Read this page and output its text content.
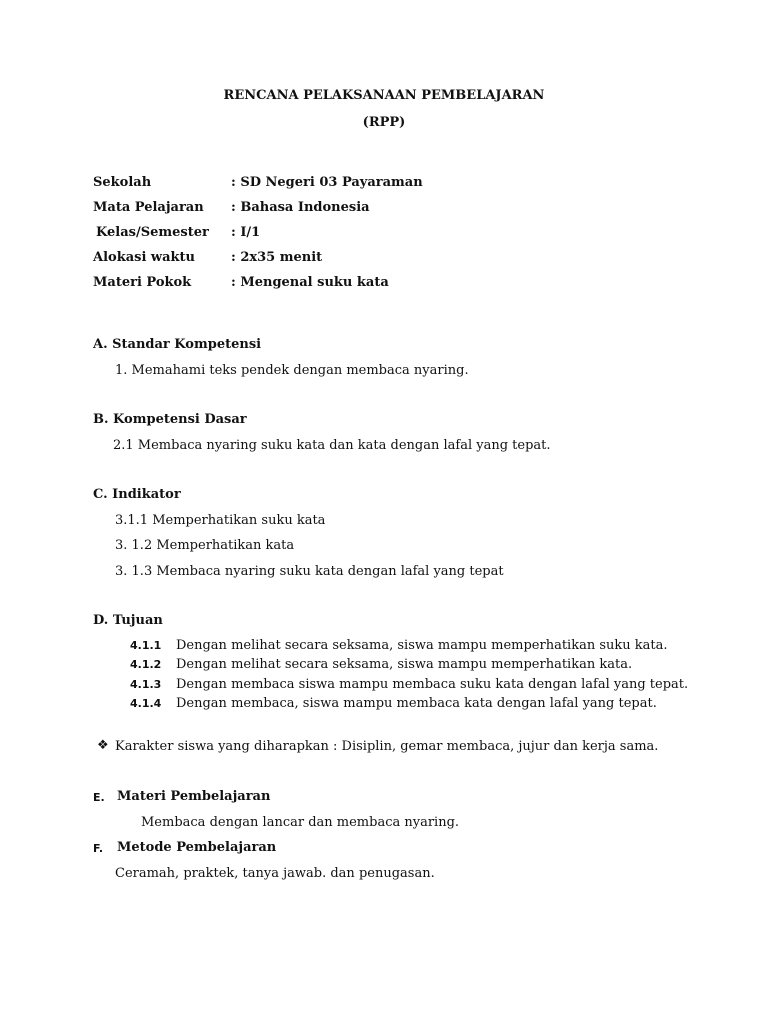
RENCANA PELAKSANAAN PEMBELAJARAN
(RPP)
Sekolah	: SD Negeri 03 Payaraman
Mata Pelajaran : Bahasa Indonesia
Kelas/Semester : I/1
Alokasi waktu	: 2x35 menit
Materi Pokok	: Mengenal suku kata
A. Standar Kompetensi
1. Memahami teks pendek dengan membaca nyaring.
B. Kompetensi Dasar
2.1 Membaca nyaring suku kata dan kata dengan lafal yang tepat.
C. Indikator
3.1.1 Memperhatikan suku kata
3. 1.2 Memperhatikan kata
3. 1.3 Membaca nyaring suku kata dengan lafal yang tepat
D. Tujuan
4.1.1 Dengan melihat secara seksama, siswa mampu memperhatikan suku kata.
4.1.2 Dengan melihat secara seksama, siswa mampu memperhatikan kata.
4.1.3 Dengan membaca siswa mampu membaca suku kata dengan lafal yang tepat.
4.1.4 Dengan membaca, siswa mampu membaca kata dengan lafal yang tepat.
❖ Karakter siswa yang diharapkan : Disiplin, gemar membaca, jujur dan kerja sama.
E. Materi Pembelajaran
Membaca dengan lancar dan membaca nyaring.
F. Metode Pembelajaran
Ceramah, praktek, tanya jawab. dan penugasan.
